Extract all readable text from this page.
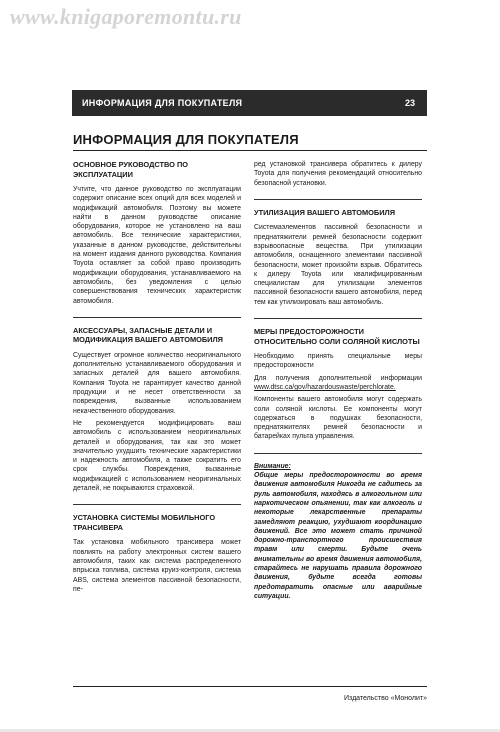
www.knigaporemontu.ru
ИНФОРМАЦИЯ ДЛЯ ПОКУПАТЕЛЯ	23
ИНФОРМАЦИЯ ДЛЯ ПОКУПАТЕЛЯ
ОСНОВНОЕ РУКОВОДСТВО ПО ЭКСПЛУАТАЦИИ

Учтите, что данное руководство по эксплуатации содержит описание всех опций для всех моделей и модификаций автомобиля. Поэтому вы можете найти в данном руководстве описание оборудования, которое не установлено на ваш автомобиль. Все технические характеристики, указанные в данном руководстве, действительны на момент издания данного руководства. Компания Toyota оставляет за собой право производить модификации оборудования, устанавливаемого на автомобиль, без уведомления с целью совершенствования технических характеристик автомобиля.

АКСЕССУАРЫ, ЗАПАСНЫЕ ДЕТАЛИ И МОДИФИКАЦИЯ ВАШЕГО АВТОМОБИЛЯ

Существует огромное количество неоригинального дополнительно устанавливаемого оборудования и запасных деталей для вашего автомобиля. Компания Toyota не гарантирует качество данной продукции и не несет ответственности за повреждения, вызванные использованием некачественного оборудования.

Не рекомендуется модифицировать ваш автомобиль с использованием неоригинальных деталей и оборудования, так как это может значительно ухудшить технические характеристики и надежность автомобиля, а также сократить его срок службы. Повреждения, вызванные модификацией с использованием неоригинальных деталей, не покрываются страховкой.

УСТАНОВКА СИСТЕМЫ МОБИЛЬНОГО ТРАНСИВЕРА

Так установка мобильного трансивера может повлиять на работу электронных систем вашего автомобиля, таких как система распределенного впрыска топлива, система круиз-контроля, система ABS, система элементов пассивной безопасности, пе-

ред установкой трансивера обратитесь к дилеру Toyota для получения рекомендаций относительно безопасной установки.

УТИЛИЗАЦИЯ ВАШЕГО АВТОМОБИЛЯ

Системаэлементов пассивной безопасности и преднатяжители ремней безопасности содержит взрывоопасные вещества. При утилизации автомобиля, оснащенного элементами пассивной безопасности, может произойти взрыв. Обратитесь к дилеру Toyota или квалифицированным специалистам для утилизации элементов пассивной безопасности вашего автомобиля, перед тем как утилизировать ваш автомобиль.

МЕРЫ ПРЕДОСТОРОЖНОСТИ ОТНОСИТЕЛЬНО СОЛИ СОЛЯНОЙ КИСЛОТЫ

Необходимо принять специальные меры предосторожности

Для получения дополнительной информации www.dtsc.ca/gov/hazardouswaste/perchlorate.

Компоненты вашего автомобиля могут содержать соли соляной кислоты. Ее компоненты могут содержаться в подушках безопасности, преднатяжителях ремней безопасности и батарейках пульта управления.

Внимание:

Общие меры предосторожности во время движения автомобиля Никогда не садитесь за руль автомобиля, находясь в алкогольном или наркотическом опьянении, так как алкоголь и некоторые лекарственные препараты замедляют реакцию, ухудшают координацию движений. Все это может стать причиной дорожно-транспортного происшествия травм или смерти. Будьте очень внимательны во время движения автомобиля, старайтесь не нарушать правила дорожного движения, будьте всегда готовы предотвратить опасные или аварийные ситуации.

Издательство «Монолит»
